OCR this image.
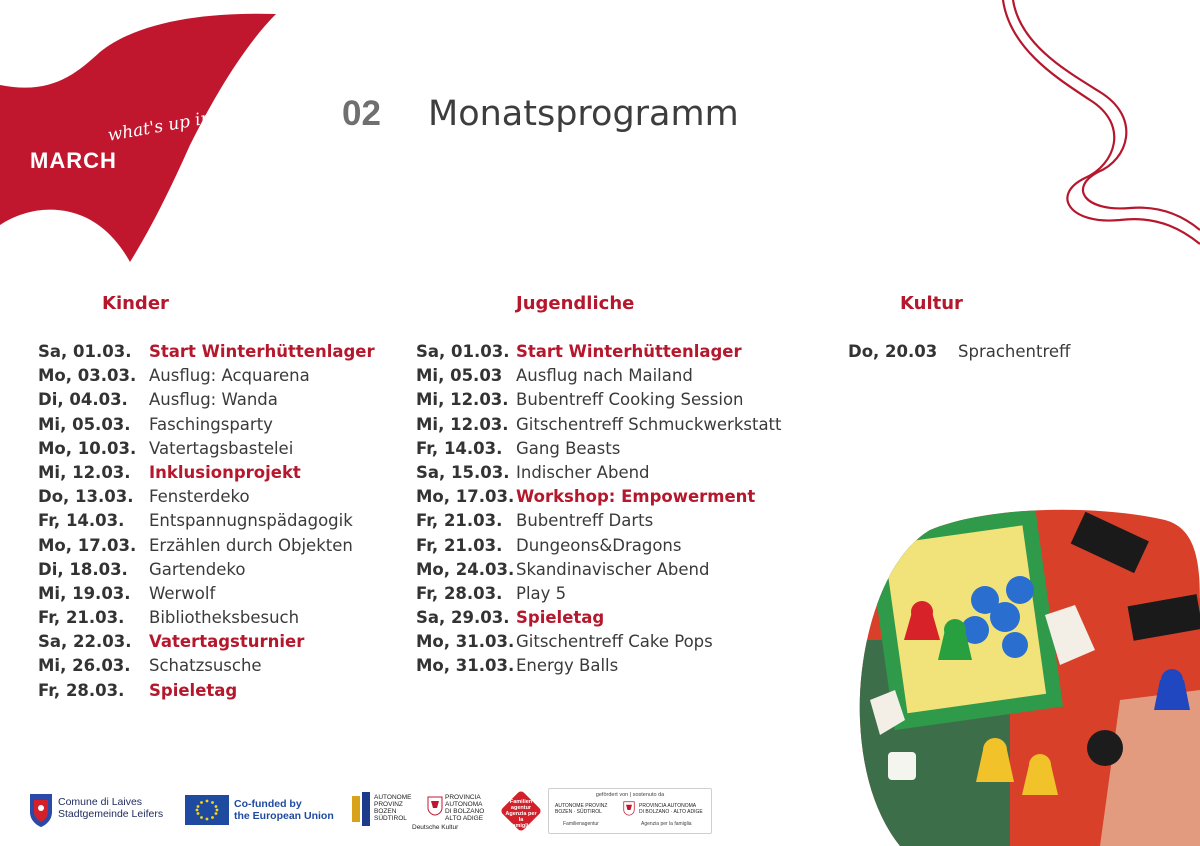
what's up in
MARCH
02 Monatsprogramm
Kinder	Jugendliche	Kultur
Sa, 01.03. Start Winterhüttenlager
Mo, 03.03. Ausflug: Acquarena
Di, 04.03. Ausflug: Wanda
Mi, 05.03. Faschingsparty
Mo, 10.03. Vatertagsbastelei
Mi, 12.03. Inklusionprojekt
Do, 13.03. Fensterdeko
Fr, 14.03. Entspannugnspädagogik
Mo, 17.03. Erzählen durch Objekten
Di, 18.03. Gartendeko
Mi, 19.03. Werwolf
Fr, 21.03. Bibliotheksbesuch
Sa, 22.03. Vatertagsturnier
Mi, 26.03. Schatzsusche
Fr, 28.03. Spieletag
Sa, 01.03. Start Winterhüttenlager
Mi, 05.03 Ausflug nach Mailand
Mi, 12.03. Bubentreff Cooking Session
Mi, 12.03. Gitschentreff Schmuckwerkstatt
Fr, 14.03. Gang Beasts
Sa, 15.03. Indischer Abend
Mo, 17.03. Workshop: Empowerment
Fr, 21.03. Bubentreff Darts
Fr, 21.03. Dungeons&Dragons
Mo, 24.03. Skandinavischer Abend
Fr, 28.03. Play 5
Sa, 29.03. Spieletag
Mo, 31.03. Gitschentreff Cake Pops
Mo, 31.03. Energy Balls
Do, 20.03 Sprachentreff
Comune di Laives
Stadtgemeinde Leifers
Co-funded by
the European Union
AUTONOME
PROVINZ
BOZEN
SÜDTIROL
PROVINCIA
AUTONOMA
DI BOLZANO
ALTO ADIGE
Deutsche Kultur
Familien
agentur
Agenzia per la
famiglia
gefördert von | sostenuto da
AUTONOME PROVINZ
BOZEN · SÜDTIROL
PROVINCIA AUTONOMA
DI BOLZANO · ALTO ADIGE
Familienagentur	Agenzia per la famiglia
